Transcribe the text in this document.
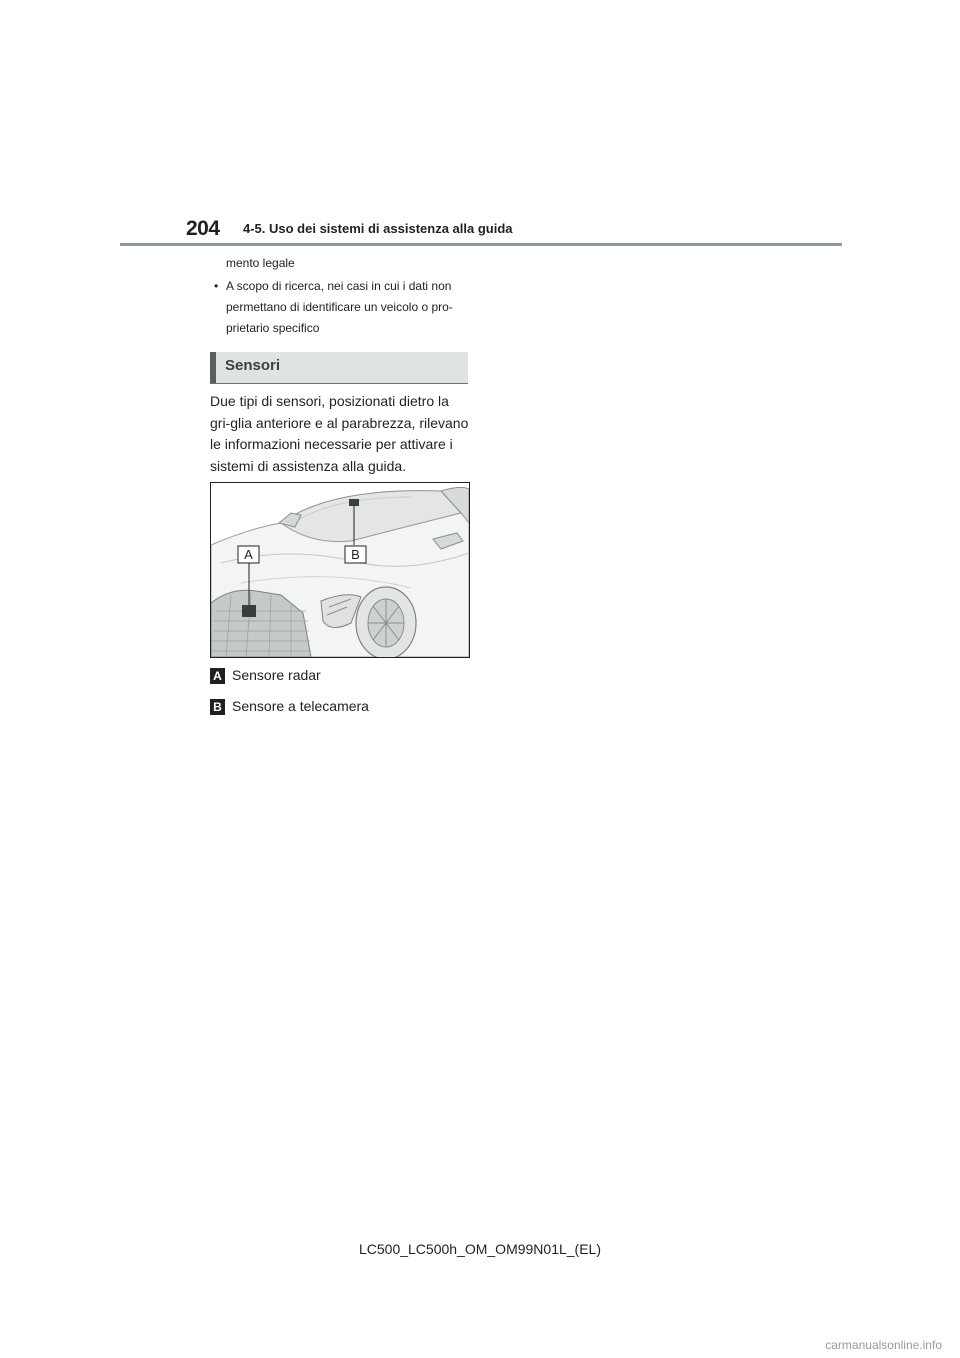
204 4-5. Uso dei sistemi di assistenza alla guida
mento legale
• A scopo di ricerca, nei casi in cui i dati non permettano di identificare un veicolo o pro-prietario specifico
Sensori
Due tipi di sensori, posizionati dietro la gri-glia anteriore e al parabrezza, rilevano le informazioni necessarie per attivare i sistemi di assistenza alla guida.
A	B
A Sensore radar
B Sensore a telecamera
LC500_LC500h_OM_OM99N01L_(EL)
carmanualsonline.info
